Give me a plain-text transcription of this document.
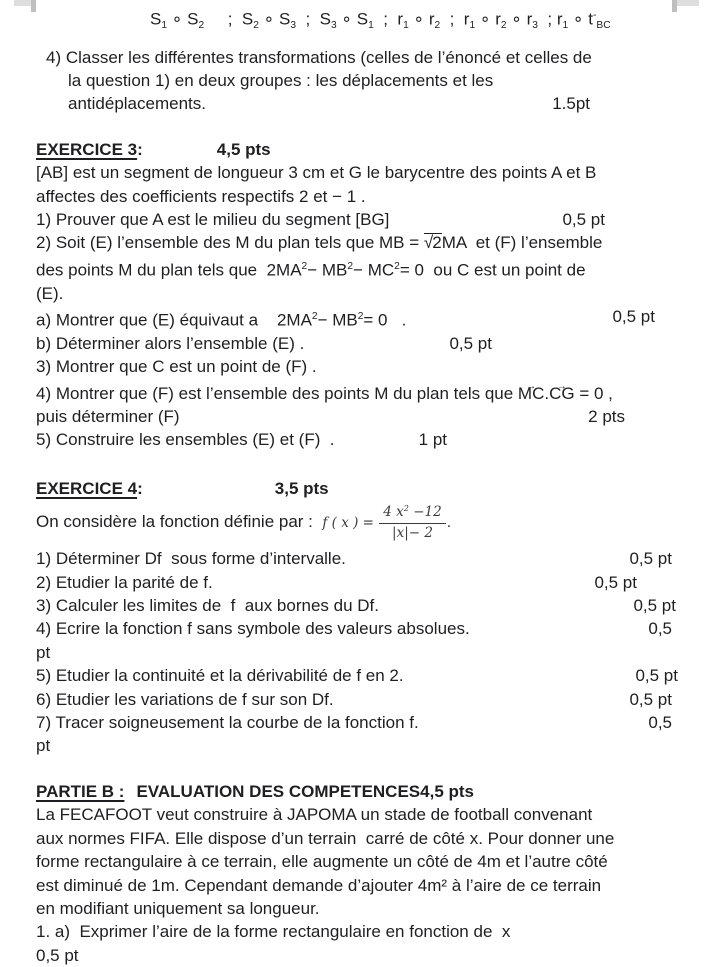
$S_1$ ∘ $S_2$     ;  $S_2$ ∘ $S_3$  ;  $S_3$ ∘ $S_1$  ;  $r_1$ ∘ $r_2$  ;  $r_1$ ∘ $r_2$ ∘ $r_3$  ; $r_1$ ∘ $t^-_{BC}$
4) Classer les différentes transformations (celles de l’énoncé et celles de
la question 1) en deux groupes : les déplacements et les
antidéplacements.	1.5pt
EXERCICE 3 :	4,5 pts
[AB] est un segment de longueur 3 cm et G le barycentre des points A et B
affectes des coefficients respectifs 2 et − 1 .
1) Prouver que A est le milieu du segment [BG]	0,5 pt
2) Soit (E) l’ensemble des M du plan tels que MB = √ 2MA  et (F) l’ensemble
des points M du plan tels que  $2MA^2- MB^2- MC^2= 0$  ou C est un point de
(E).
a) Montrer que (E) équivaut a    $2MA^2- MB^2= 0$   .	0,5 pt
b) Déterminer alors l’ensemble (E) .	0,5 pt
3) Montrer que C est un point de (F) .
4) Montrer que (F) est l’ensemble des points M du plan tels que MC →.CG → = 0 ,
puis déterminer (F)	2 pts
5) Construire les ensembles (E) et (F)  .	1 pt
EXERCICE 4 :	3,5 pts
On considère la fonction définie par :  f ( x ) = $\frac{4 x^2 -12}{|x|- 2}$ .
1) Déterminer Df  sous forme d’intervalle.	0,5 pt
2) Etudier la parité de f.	0,5 pt
3) Calculer les limites de  f  aux bornes du Df.	0,5 pt
4) Ecrire la fonction f sans symbole des valeurs absolues.	0,5
pt
5) Etudier la continuité et la dérivabilité de f en 2.	0,5 pt
6) Etudier les variations de f sur son Df.	0,5 pt
7) Tracer soigneusement la courbe de la fonction f.	0,5
pt
PARTIE B : EVALUATION DES COMPETENCES 4,5 pts
La FECAFOOT veut construire à JAPOMA un stade de football convenant
aux normes FIFA. Elle dispose d’un terrain  carré de côté x. Pour donner une
forme rectangulaire à ce terrain, elle augmente un côté de 4m et l’autre côté
est diminué de 1m. Cependant demande d’ajouter 4m² à l’aire de ce terrain
en modifiant uniquement sa longueur.
1. a)  Exprimer l’aire de la forme rectangulaire en fonction de  x
0,5 pt
